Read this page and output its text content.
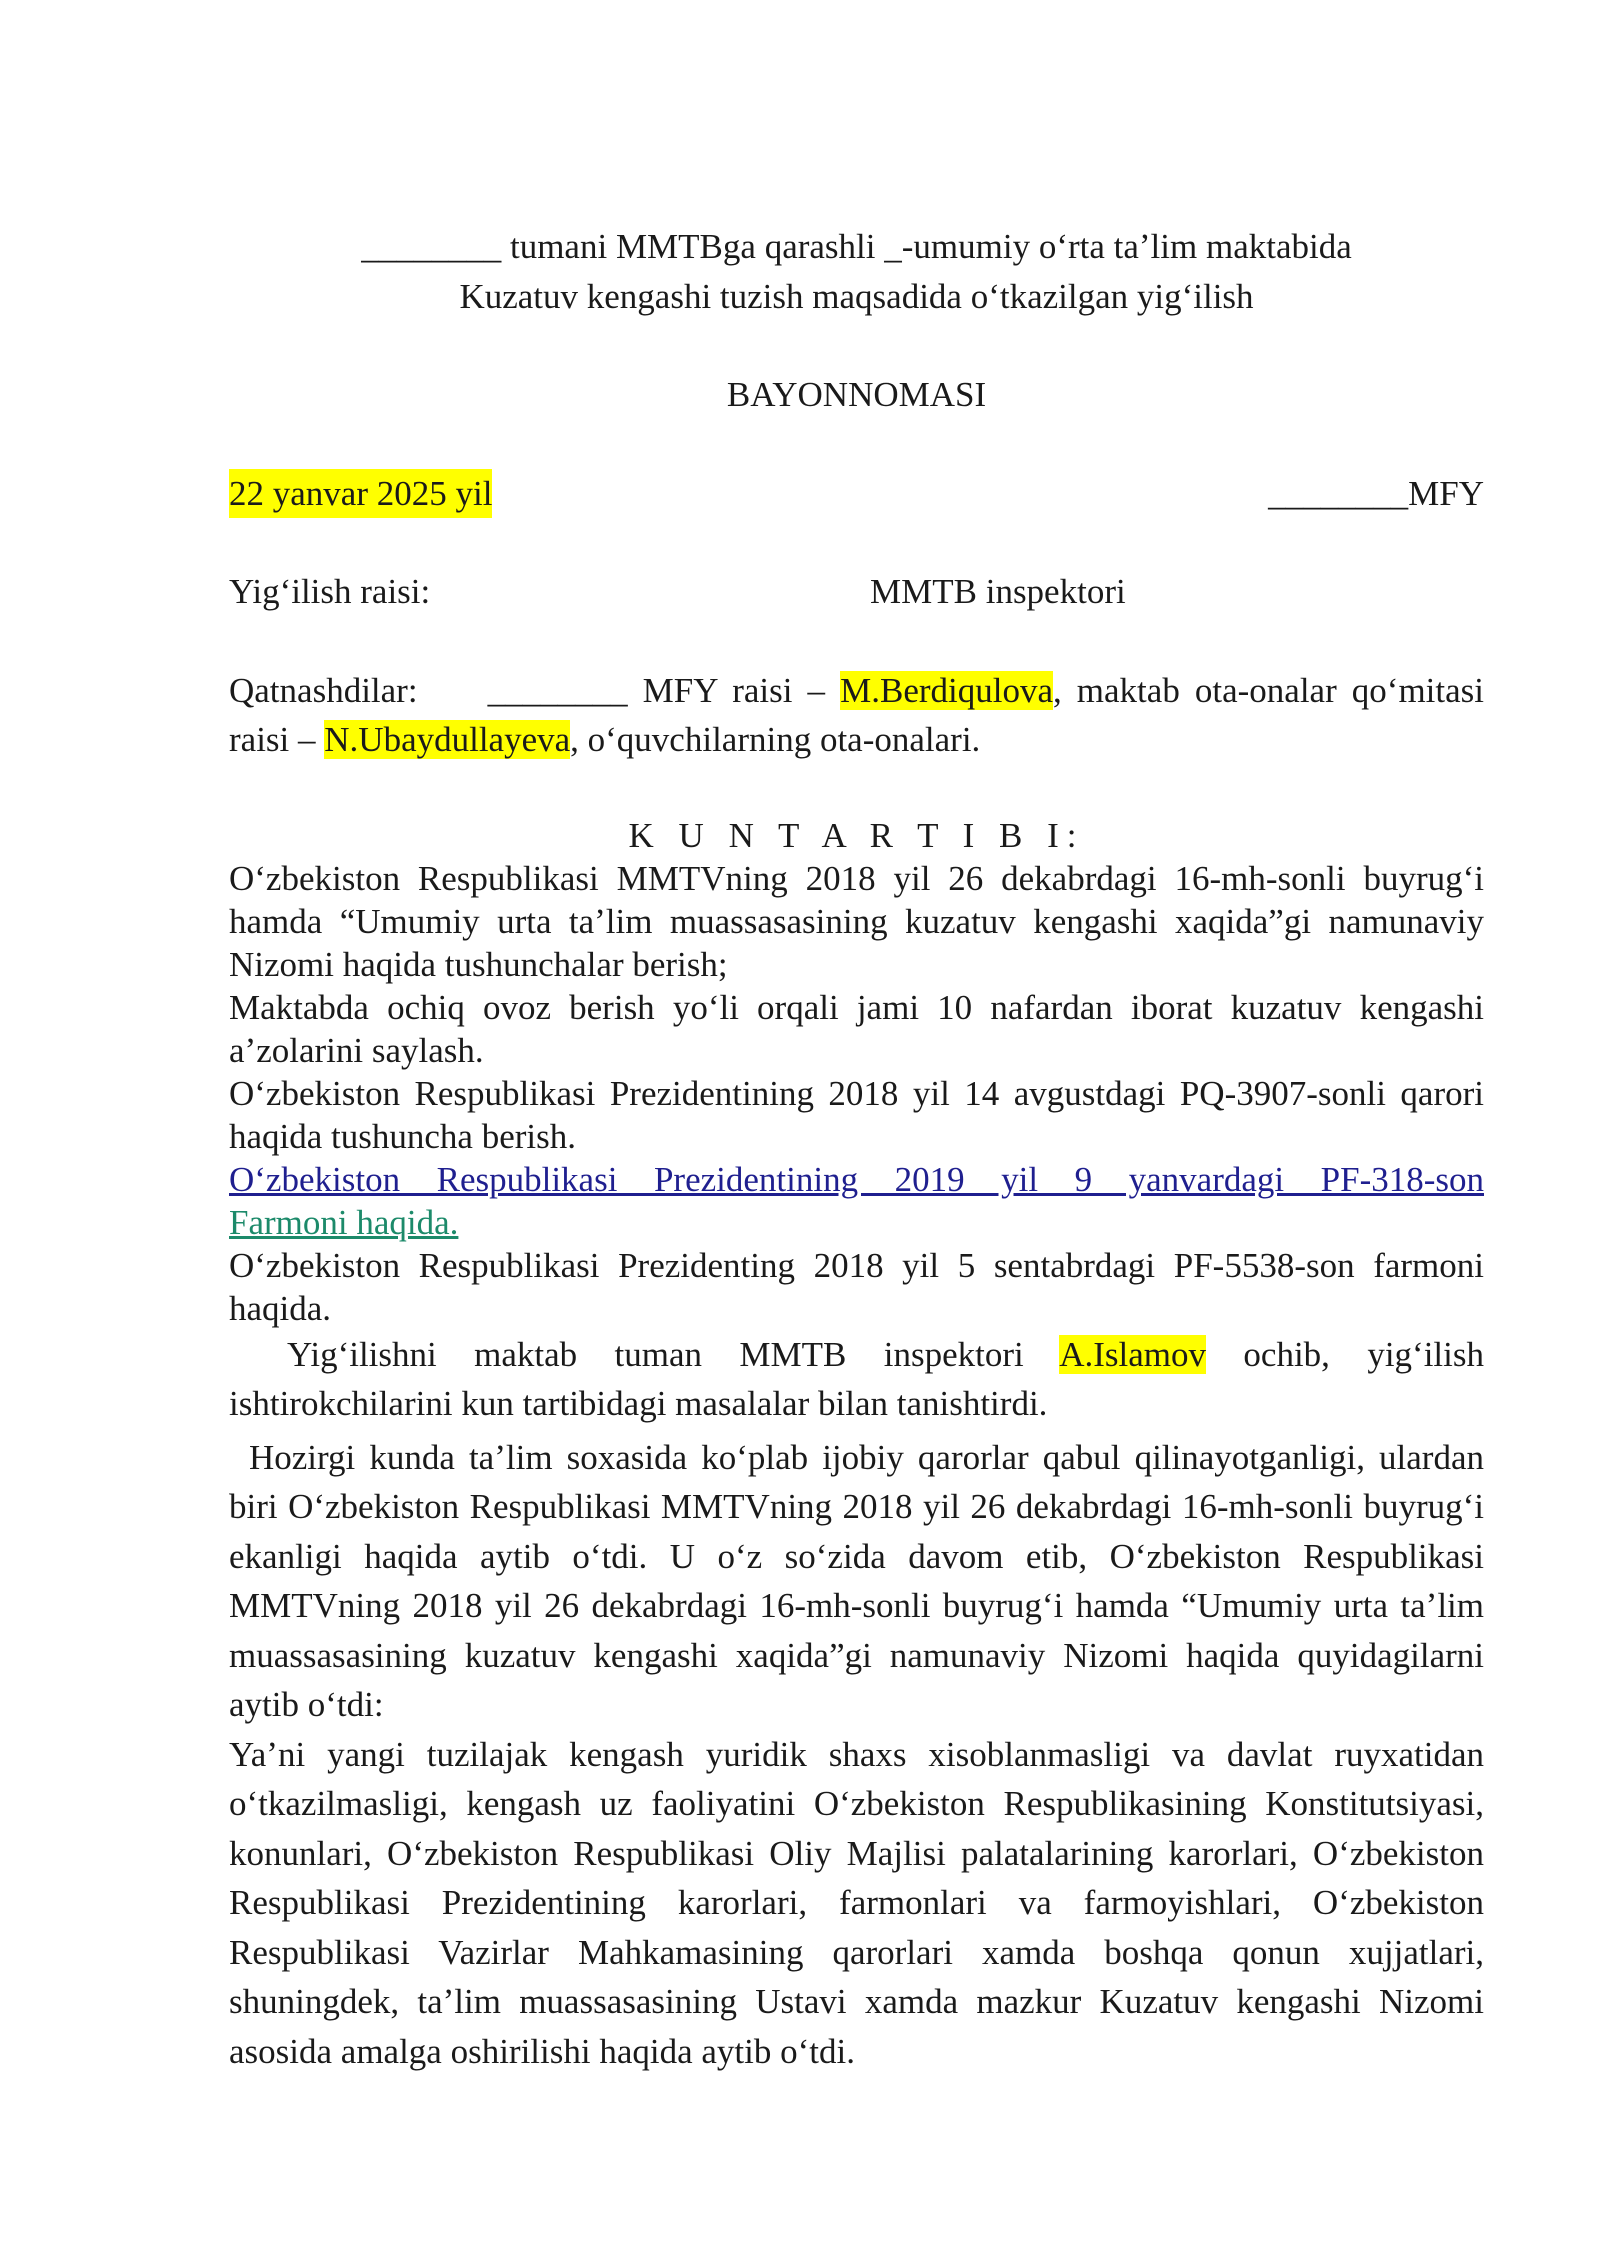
________ tumani MMTBga qarashli _-umumiy oʻrta taʼlim maktabida

Kuzatuv kengashi tuzish maqsadida oʻtkazilgan yigʻilish

BAYONNOMASI

22 yanvar 2025 yil	________MFY

Yigʻilish raisi:	MMTB inspektori

Qatnashdilar: ________ MFY raisi – M.Berdiqulova, maktab ota-onalar qoʻmitasi raisi – N.Ubaydullayeva, oʻquvchilarning ota-onalari.

K U N T A R T I B I:

Oʻzbekiston Respublikasi MMTVning 2018 yil 26 dekabrdagi 16-mh-sonli buyrugʻi hamda “Umumiy urta taʼlim muassasasining kuzatuv kengashi xaqida”gi namunaviy Nizomi haqida tushunchalar berish;

Maktabda ochiq ovoz berish yoʻli orqali jami 10 nafardan iborat kuzatuv kengashi aʼzolarini saylash.

Oʻzbekiston Respublikasi Prezidentining 2018 yil 14 avgustdagi PQ-3907-sonli qarori haqida tushuncha berish.

Oʻzbekiston Respublikasi Prezidentining 2019 yil 9 yanvardagi PF-318-son
Farmoni haqida.

Oʻzbekiston Respublikasi Prezidenting 2018 yil 5 sentabrdagi PF-5538-son farmoni haqida.

Yigʻilishni maktab tuman MMTB inspektori A.Islamov ochib, yigʻilish ishtirokchilarini kun tartibidagi masalalar bilan tanishtirdi.

Hozirgi kunda taʼlim soxasida koʻplab ijobiy qarorlar qabul qilinayotganligi, ulardan biri Oʻzbekiston Respublikasi MMTVning 2018 yil 26 dekabrdagi 16-mh-sonli buyrugʻi ekanligi haqida aytib oʻtdi. U oʻz soʻzida davom etib, Oʻzbekiston Respublikasi MMTVning 2018 yil 26 dekabrdagi 16-mh-sonli buyrugʻi hamda “Umumiy urta taʼlim muassasasining kuzatuv kengashi xaqida”gi namunaviy Nizomi haqida quyidagilarni aytib oʻtdi:

Yaʼni yangi tuzilajak kengash yuridik shaxs xisoblanmasligi va davlat ruyxatidan oʻtkazilmasligi, kengash uz faoliyatini Oʻzbekiston Respublikasining Konstitutsiyasi, konunlari, Oʻzbekiston Respublikasi Oliy Majlisi palatalarining karorlari, Oʻzbekiston Respublikasi Prezidentining karorlari, farmonlari va farmoyishlari, Oʻzbekiston Respublikasi Vazirlar Mahkamasining qarorlari xamda boshqa qonun xujjatlari, shuningdek, taʼlim muassasasining Ustavi xamda mazkur Kuzatuv kengashi Nizomi asosida amalga oshirilishi haqida aytib oʻtdi.
